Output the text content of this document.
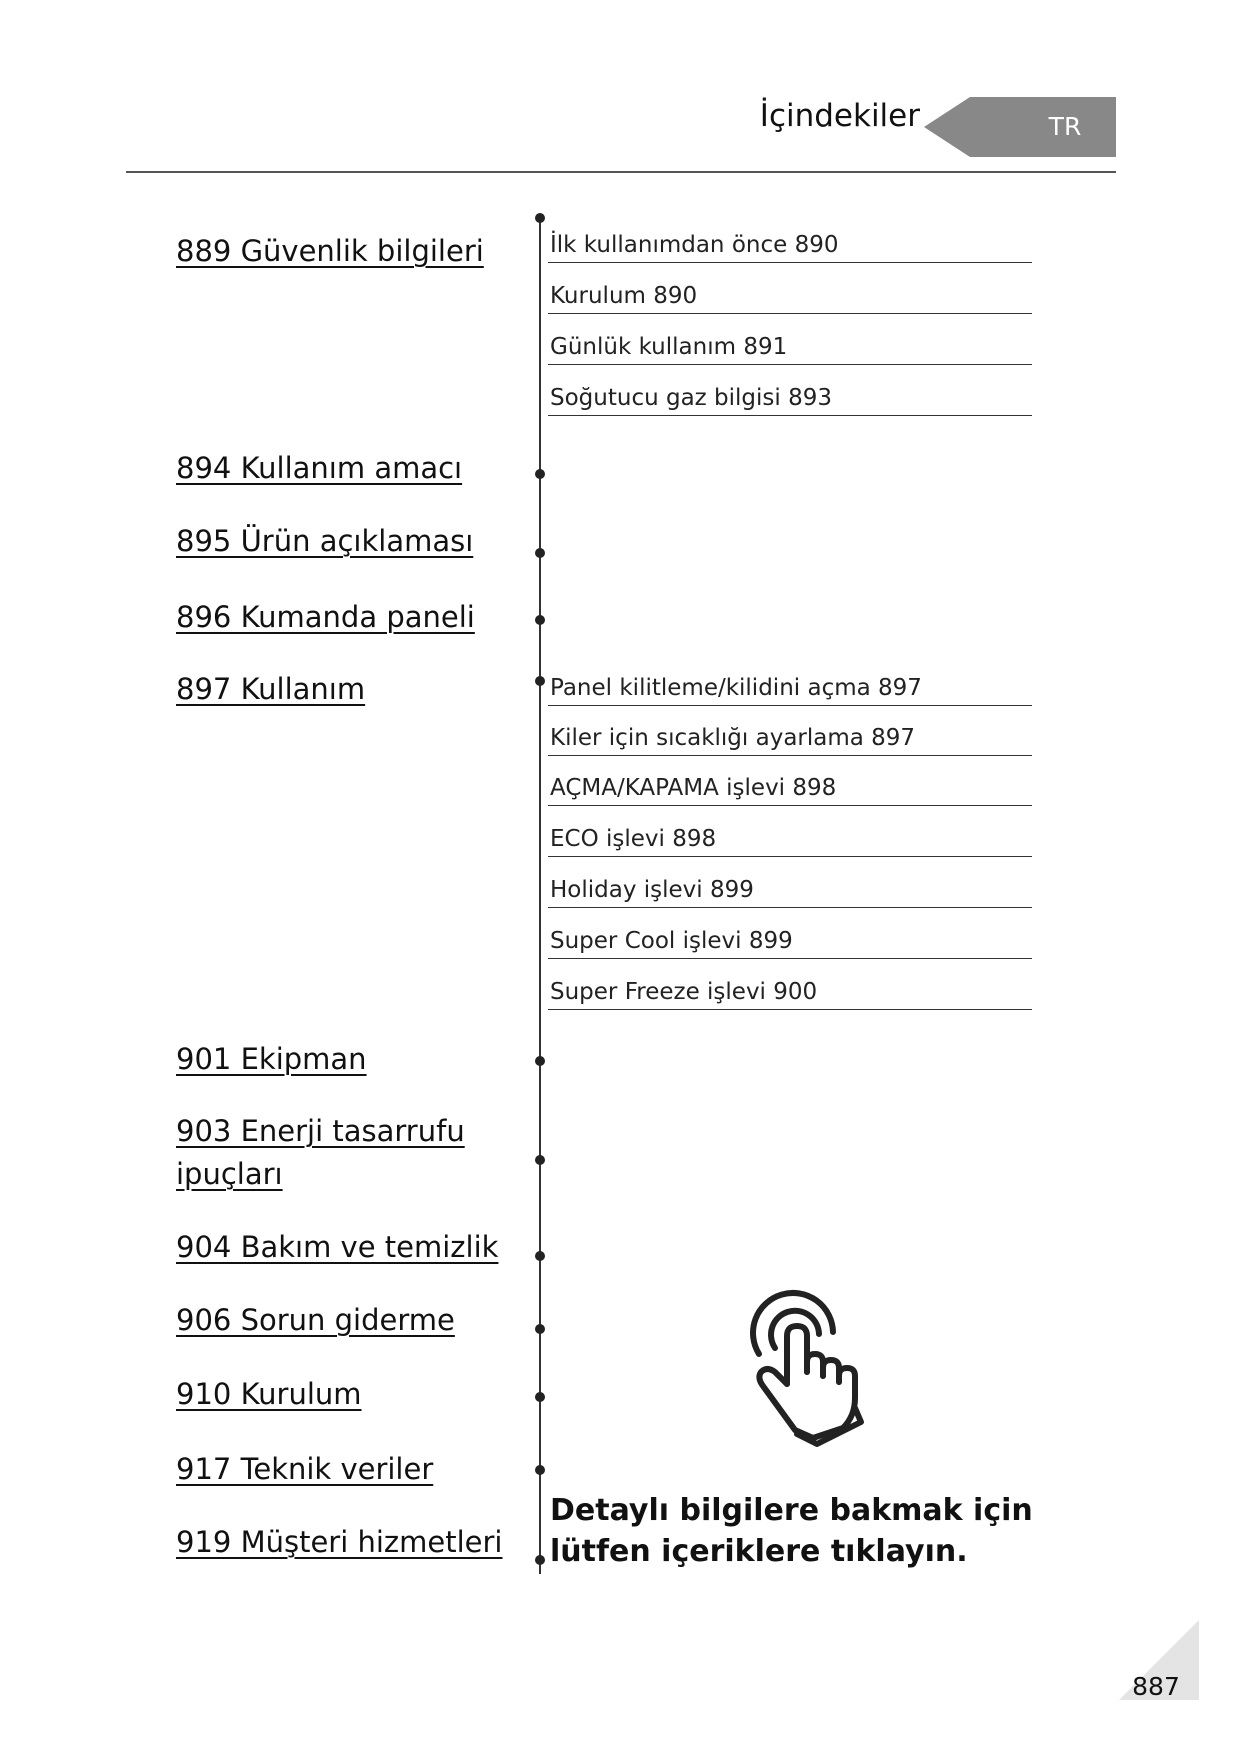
İçindekiler	TR
889 Güvenlik bilgileri
894 Kullanım amacı
895 Ürün açıklaması
896 Kumanda paneli
897 Kullanım
901 Ekipman
903 Enerji tasarrufu ipuçları
904 Bakım ve temizlik
906 Sorun giderme
910 Kurulum
917 Teknik veriler
919 Müşteri hizmetleri
İlk kullanımdan önce 890
Kurulum 890
Günlük kullanım 891
Soğutucu gaz bilgisi 893
Panel kilitleme/kilidini açma 897
Kiler için sıcaklığı ayarlama 897
AÇMA/KAPAMA işlevi 898
ECO işlevi 898
Holiday işlevi 899
Super Cool işlevi 899
Super Freeze işlevi 900
Detaylı bilgilere bakmak için lütfen içeriklere tıklayın.
887
